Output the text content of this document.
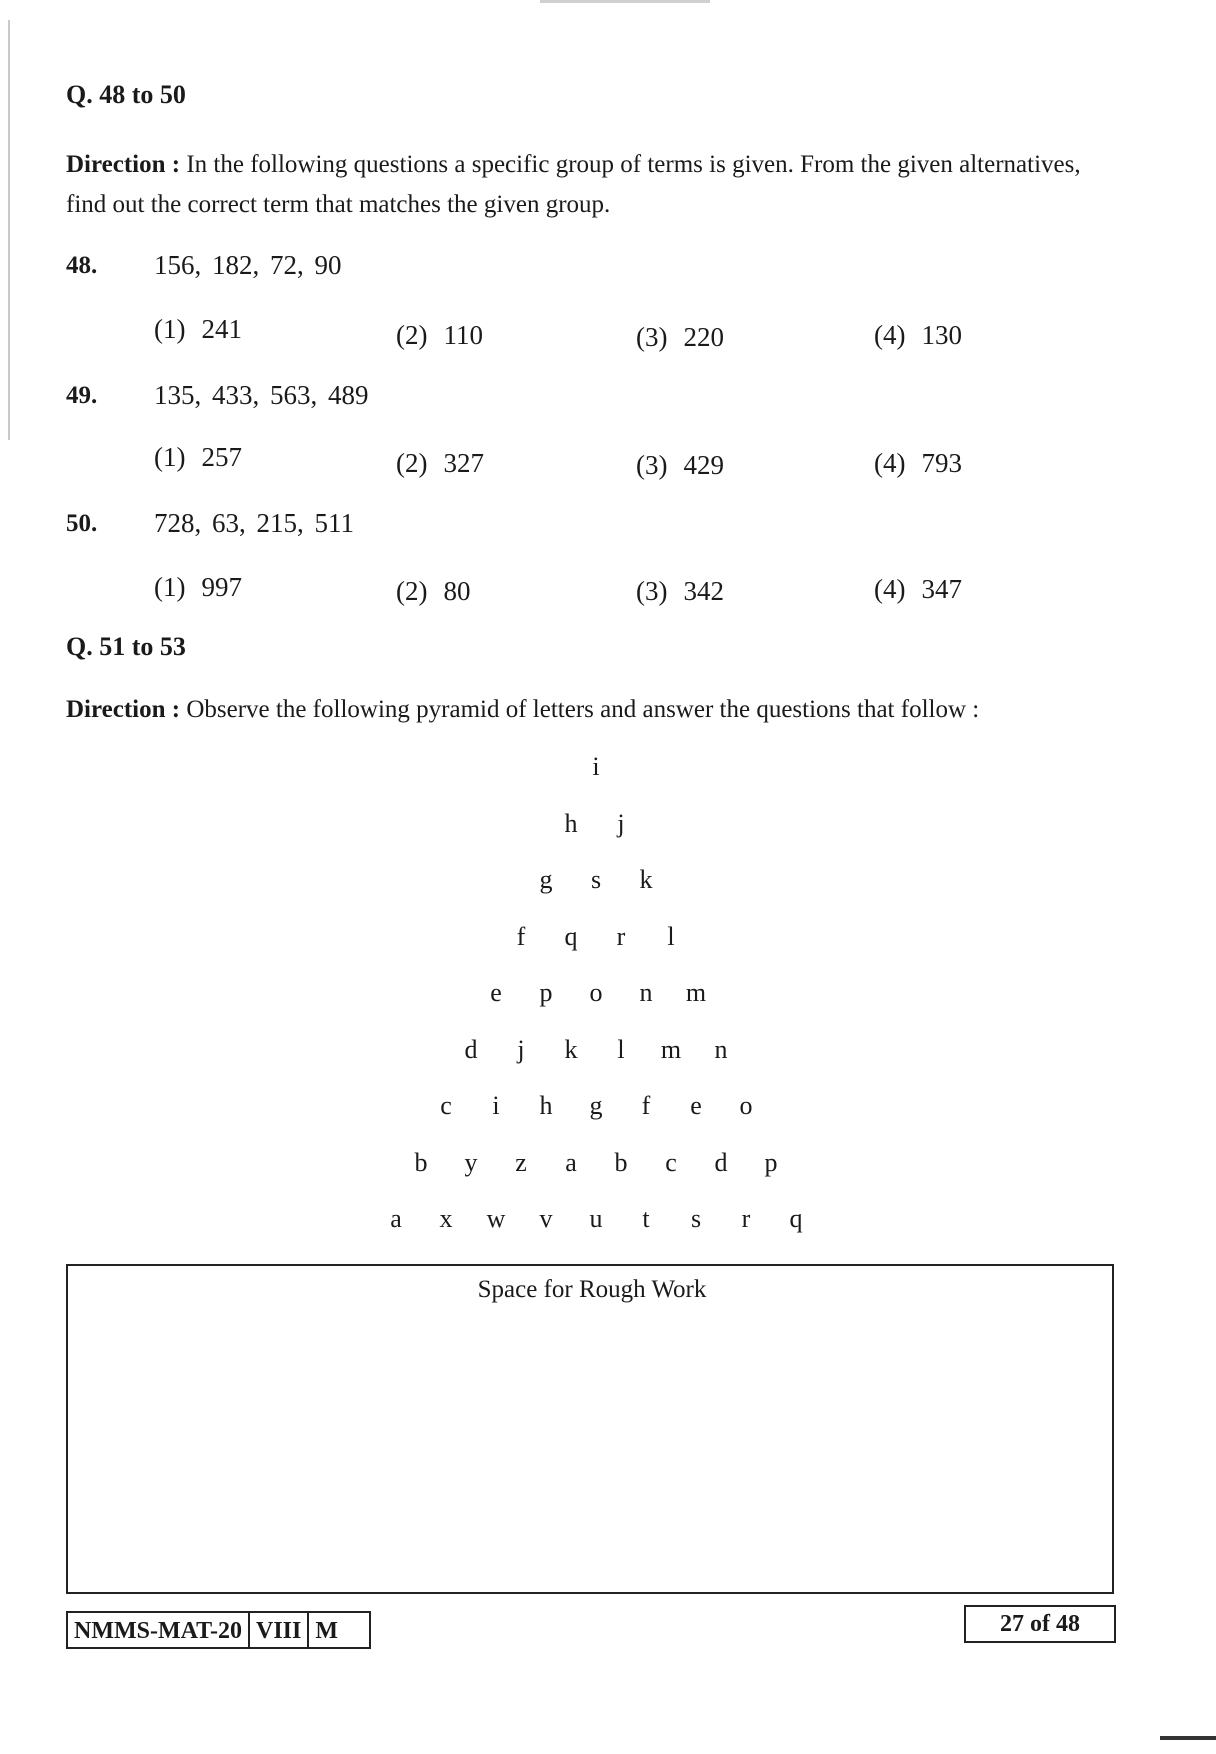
Q. 48 to 50
Direction : In the following questions a specific group of terms is given. From the given alternatives,
find out the correct term that matches the given group.
48. 156, 182, 72, 90
(1) 241	(2) 110	(3) 220	(4) 130
49. 135, 433, 563, 489
(1) 257	(2) 327	(3) 429	(4) 793
50. 728, 63, 215, 511
(1) 997	(2) 80	(3) 342	(4) 347
Q. 51 to 53
Direction : Observe the following pyramid of letters and answer the questions that follow :
i
h	j
g	s	k
f	q	r	l
e	p	o	n	m
d	j	k	l	m	n
c	i	h	g	f	e	o
b	y	z	a	b	c	d	p
a	x	w	v	u	t	s	r	q
Space for Rough Work
NMMS-MAT-20 VIII M	27 of 48
